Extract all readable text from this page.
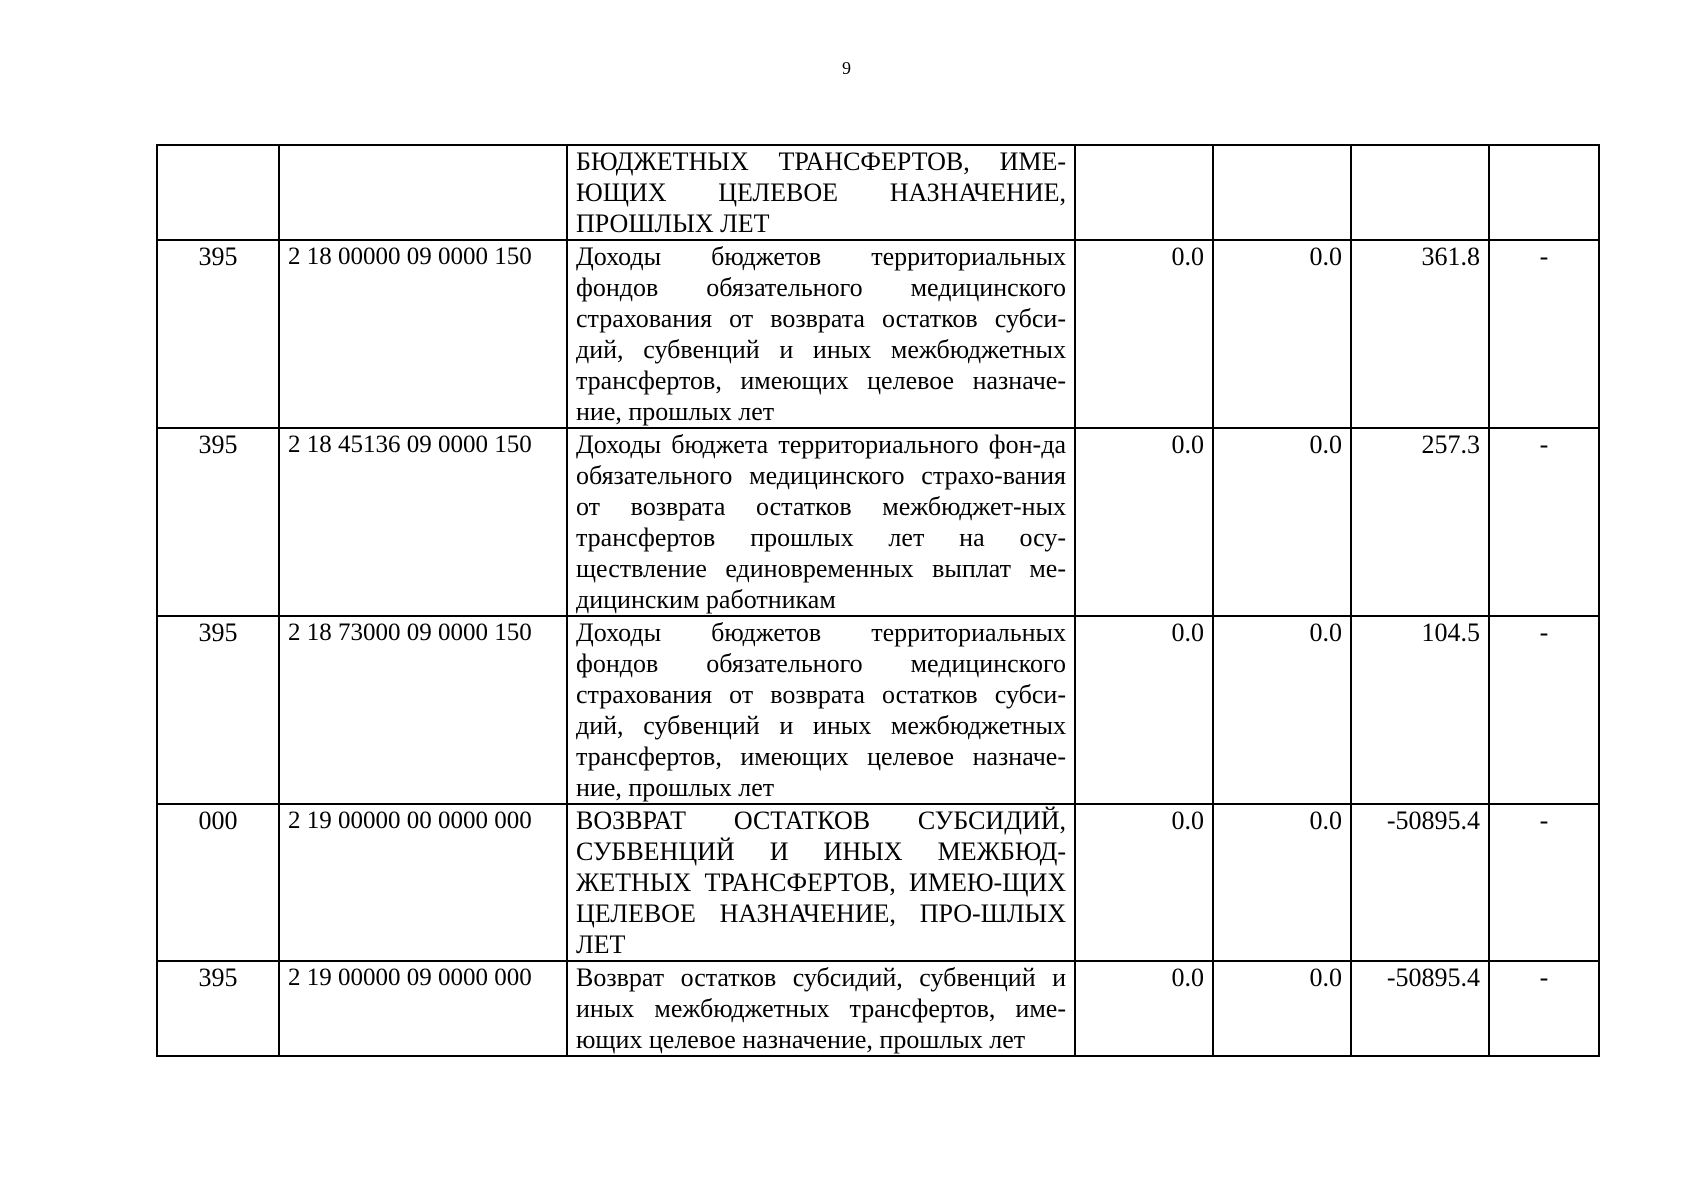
9
		БЮДЖЕТНЫХ ТРАНСФЕРТОВ, ИМЕ-ЮЩИХ ЦЕЛЕВОЕ НАЗНАЧЕНИЕ, ПРОШЛЫХ ЛЕТ				
395	2 18 00000 09 0000 150	Доходы бюджетов территориальных фондов обязательного медицинского страхования от возврата остатков субси-дий, субвенций и иных межбюджетных трансфертов, имеющих целевое назначе-ние, прошлых лет	0.0	0.0	361.8	-
395	2 18 45136 09 0000 150	Доходы бюджета территориального фон-да обязательного медицинского страхо-вания от возврата остатков межбюджет-ных трансфертов прошлых лет на осу-ществление единовременных выплат ме-дицинским работникам	0.0	0.0	257.3	-
395	2 18 73000 09 0000 150	Доходы бюджетов территориальных фондов обязательного медицинского страхования от возврата остатков субси-дий, субвенций и иных межбюджетных трансфертов, имеющих целевое назначе-ние, прошлых лет	0.0	0.0	104.5	-
000	2 19 00000 00 0000 000	ВОЗВРАТ ОСТАТКОВ СУБСИДИЙ, СУБВЕНЦИЙ И ИНЫХ МЕЖБЮД-ЖЕТНЫХ ТРАНСФЕРТОВ, ИМЕЮ-ЩИХ ЦЕЛЕВОЕ НАЗНАЧЕНИЕ, ПРО-ШЛЫХ ЛЕТ	0.0	0.0	-50895.4	-
395	2 19 00000 09 0000 000	Возврат остатков субсидий, субвенций и иных межбюджетных трансфертов, име-ющих целевое назначение, прошлых лет	0.0	0.0	-50895.4	-
